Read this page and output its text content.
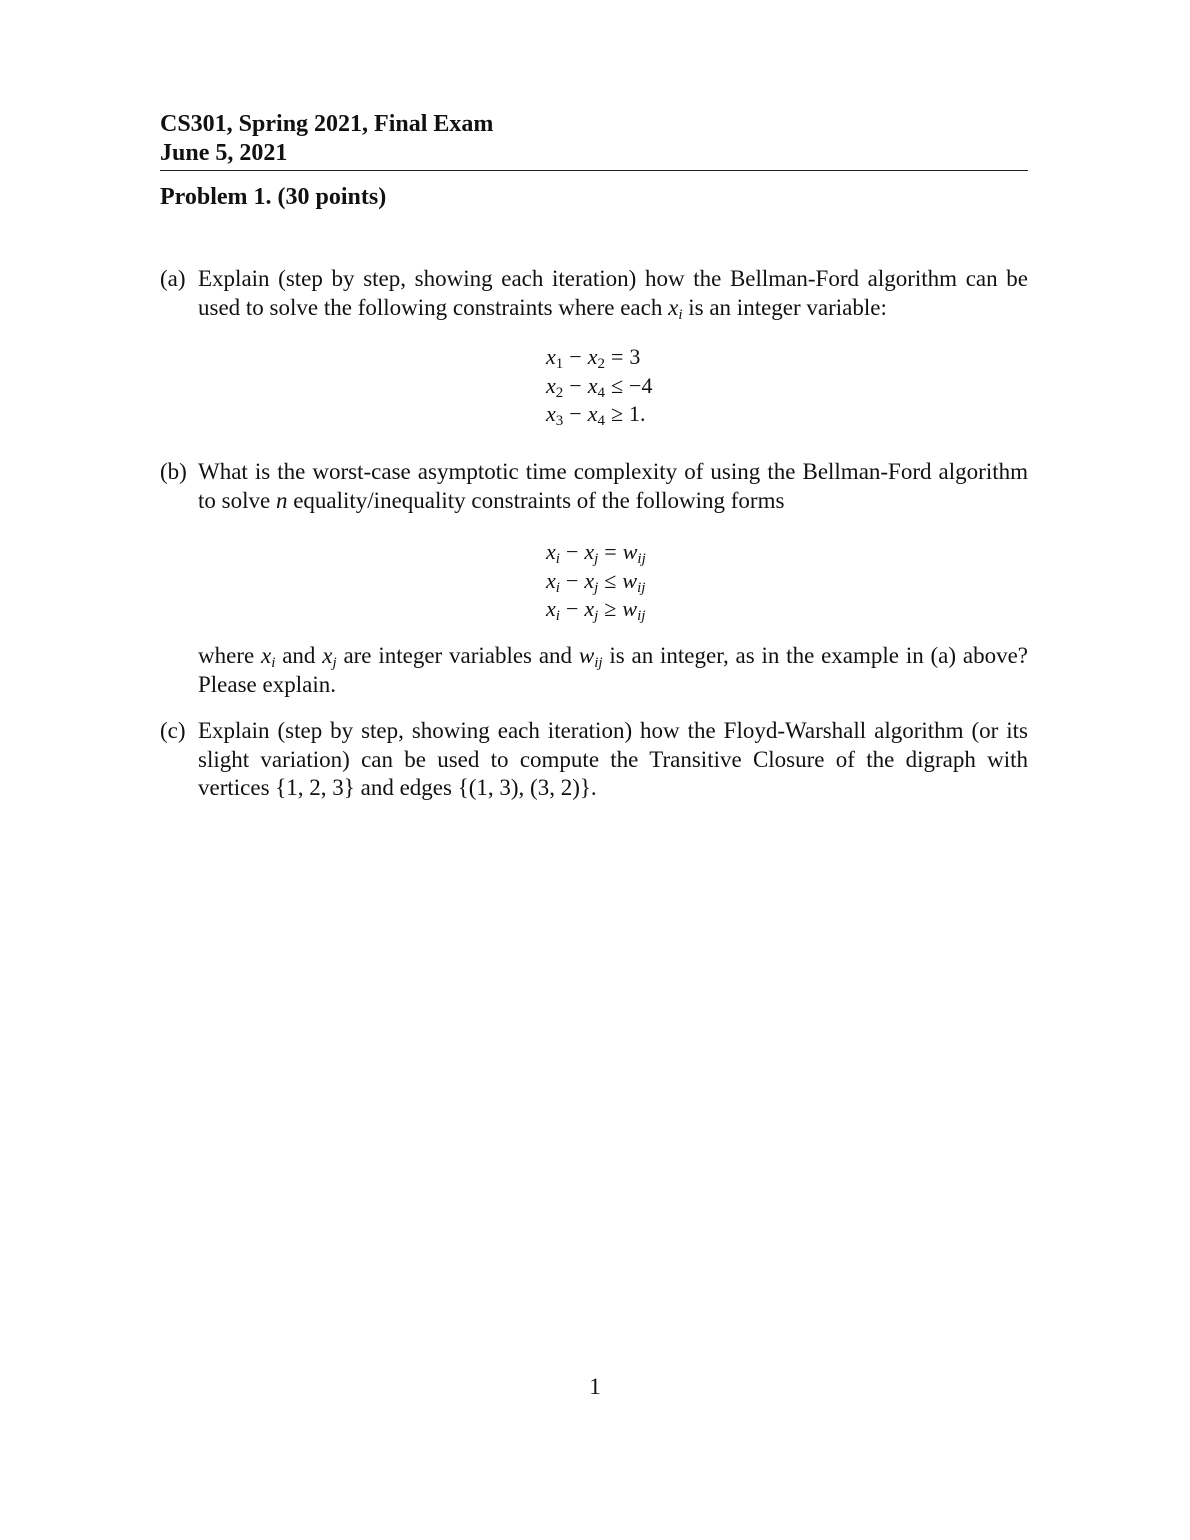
CS301, Spring 2021, Final Exam
June 5, 2021
Problem 1. (30 points)
(a) Explain (step by step, showing each iteration) how the Bellman-Ford algorithm can be used to solve the following constraints where each $x_i$ is an integer variable:
$x_1 - x_2 = 3$
$x_2 - x_4 \le -4$
$x_3 - x_4 \ge 1$.
(b) What is the worst-case asymptotic time complexity of using the Bellman-Ford algorithm to solve n equality/inequality constraints of the following forms
$x_i - x_j = w_{ij}$
$x_i - x_j \le w_{ij}$
$x_i - x_j \ge w_{ij}$
where $x_i$ and $x_j$ are integer variables and $w_{ij}$ is an integer, as in the example in (a) above? Please explain.
(c) Explain (step by step, showing each iteration) how the Floyd-Warshall algorithm (or its slight variation) can be used to compute the Transitive Closure of the digraph with vertices {1, 2, 3} and edges {(1, 3), (3, 2)}.
1
